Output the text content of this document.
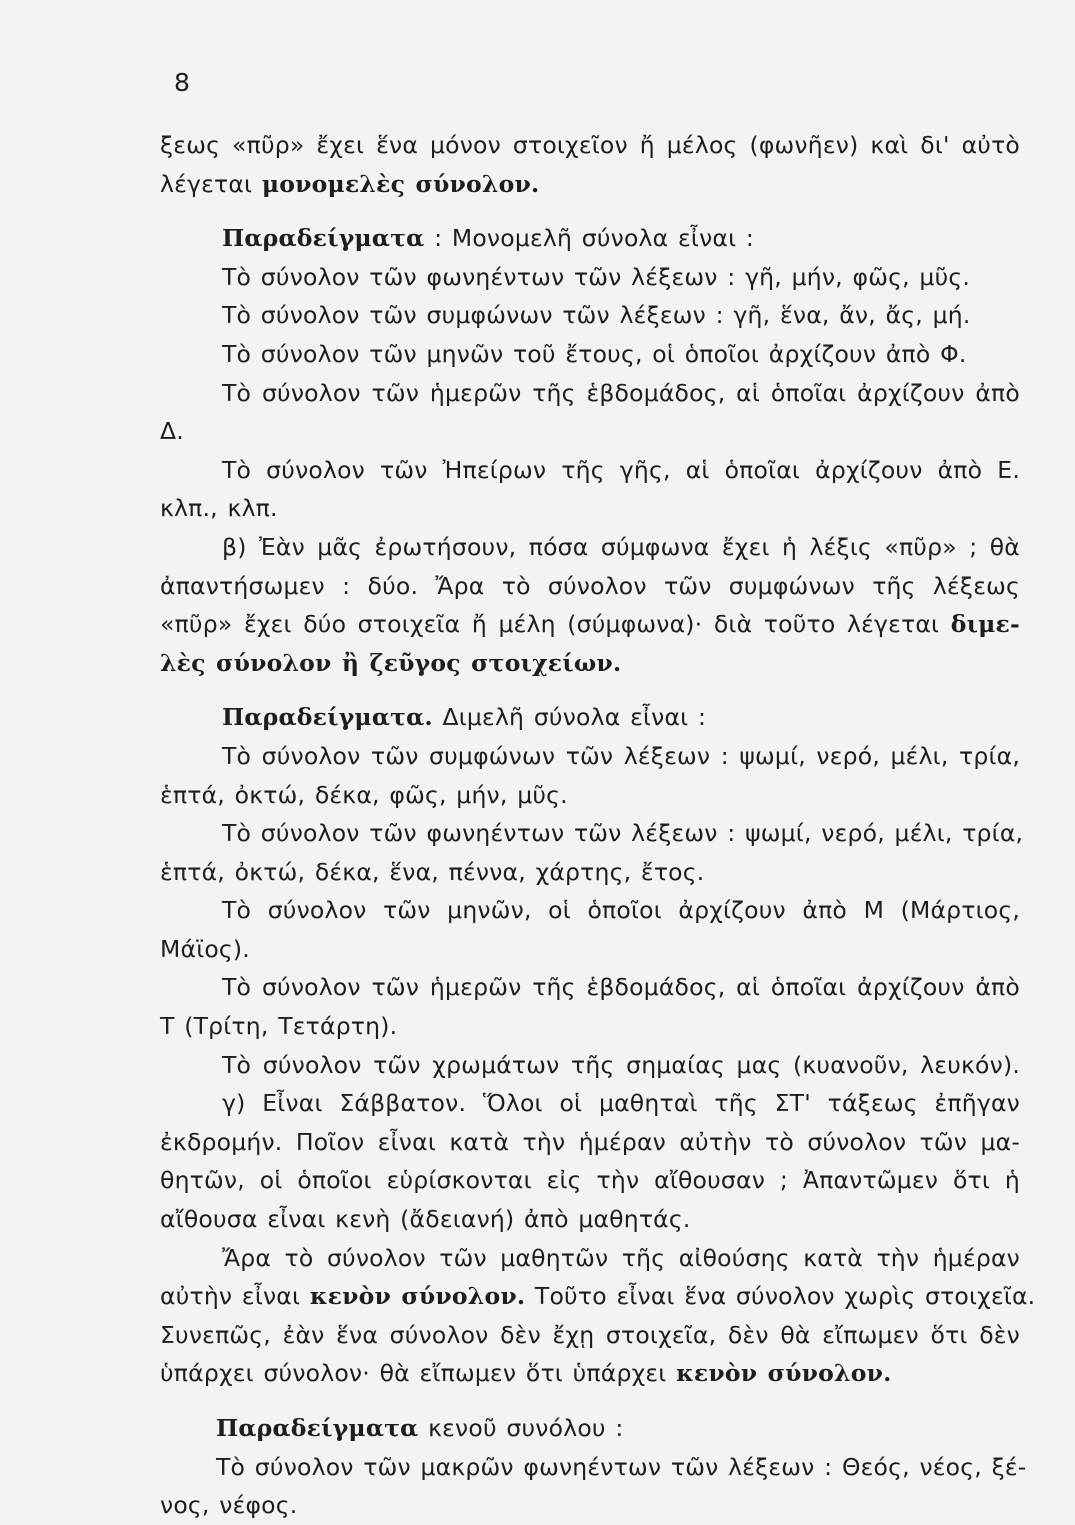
8
ξεως «πῦρ» ἔχει ἕνα μόνον στοιχεῖον ἤ μέλος (φωνῆεν) καὶ δι' αὐτὸ
λέγεται μονομελὲς σύνολον.
Παραδείγματα : Μονομελῆ σύνολα εἶναι :
Τὸ σύνολον τῶν φωνηέντων τῶν λέξεων : γῆ, μήν, φῶς, μῦς.
Τὸ σύνολον τῶν συμφώνων τῶν λέξεων : γῆ, ἕνα, ἄν, ἄς, μή.
Τὸ σύνολον τῶν μηνῶν τοῦ ἔτους, οἱ ὁποῖοι ἀρχίζουν ἀπὸ Φ.
Τὸ σύνολον τῶν ἡμερῶν τῆς ἑβδομάδος, αἱ ὁποῖαι ἀρχίζουν ἀπὸ
Δ.
Τὸ σύνολον τῶν Ἠπείρων τῆς γῆς, αἱ ὁποῖαι ἀρχίζουν ἀπὸ Ε.
κλπ., κλπ.
β) Ἐὰν μᾶς ἐρωτήσουν, πόσα σύμφωνα ἔχει ἡ λέξις «πῦρ» ; θὰ
ἀπαντήσωμεν : δύο. Ἄρα τὸ σύνολον τῶν συμφώνων τῆς λέξεως
«πῦρ» ἔχει δύο στοιχεῖα ἤ μέλη (σύμφωνα)· διὰ τοῦτο λέγεται διμε-
λὲς σύνολον ἢ ζεῦγος στοιχείων.
Παραδείγματα. Διμελῆ σύνολα εἶναι :
Τὸ σύνολον τῶν συμφώνων τῶν λέξεων : ψωμί, νερό, μέλι, τρία,
ἑπτά, ὀκτώ, δέκα, φῶς, μήν, μῦς.
Τὸ σύνολον τῶν φωνηέντων τῶν λέξεων : ψωμί, νερό, μέλι, τρία,
ἑπτά, ὀκτώ, δέκα, ἕνα, πέννα, χάρτης, ἔτος.
Τὸ σύνολον τῶν μηνῶν, οἱ ὁποῖοι ἀρχίζουν ἀπὸ Μ (Μάρτιος,
Μάϊος).
Τὸ σύνολον τῶν ἡμερῶν τῆς ἑβδομάδος, αἱ ὁποῖαι ἀρχίζουν ἀπὸ
Τ (Τρίτη, Τετάρτη).
Τὸ σύνολον τῶν χρωμάτων τῆς σημαίας μας (κυανοῦν, λευκόν).
γ) Εἶναι Σάββατον. Ὅλοι οἱ μαθηταὶ τῆς ΣΤ' τάξεως ἐπῆγαν
ἐκδρομήν. Ποῖον εἶναι κατὰ τὴν ἡμέραν αὐτὴν τὸ σύνολον τῶν μα-
θητῶν, οἱ ὁποῖοι εὑρίσκονται εἰς τὴν αἴθουσαν ; Ἀπαντῶμεν ὅτι ἡ
αἴθουσα εἶναι κενὴ (ἄδειανή) ἀπὸ μαθητάς.
Ἄρα τὸ σύνολον τῶν μαθητῶν τῆς αἰθούσης κατὰ τὴν ἡμέραν
αὐτὴν εἶναι κενὸν σύνολον. Τοῦτο εἶναι ἕνα σύνολον χωρὶς στοιχεῖα.
Συνεπῶς, ἐὰν ἕνα σύνολον δὲν ἔχῃ στοιχεῖα, δὲν θὰ εἴπωμεν ὅτι δὲν
ὑπάρχει σύνολον· θὰ εἴπωμεν ὅτι ὑπάρχει κενὸν σύνολον.
Παραδείγματα κενοῦ συνόλου :
Τὸ σύνολον τῶν μακρῶν φωνηέντων τῶν λέξεων : Θεός, νέος, ξέ-
νος, νέφος.
